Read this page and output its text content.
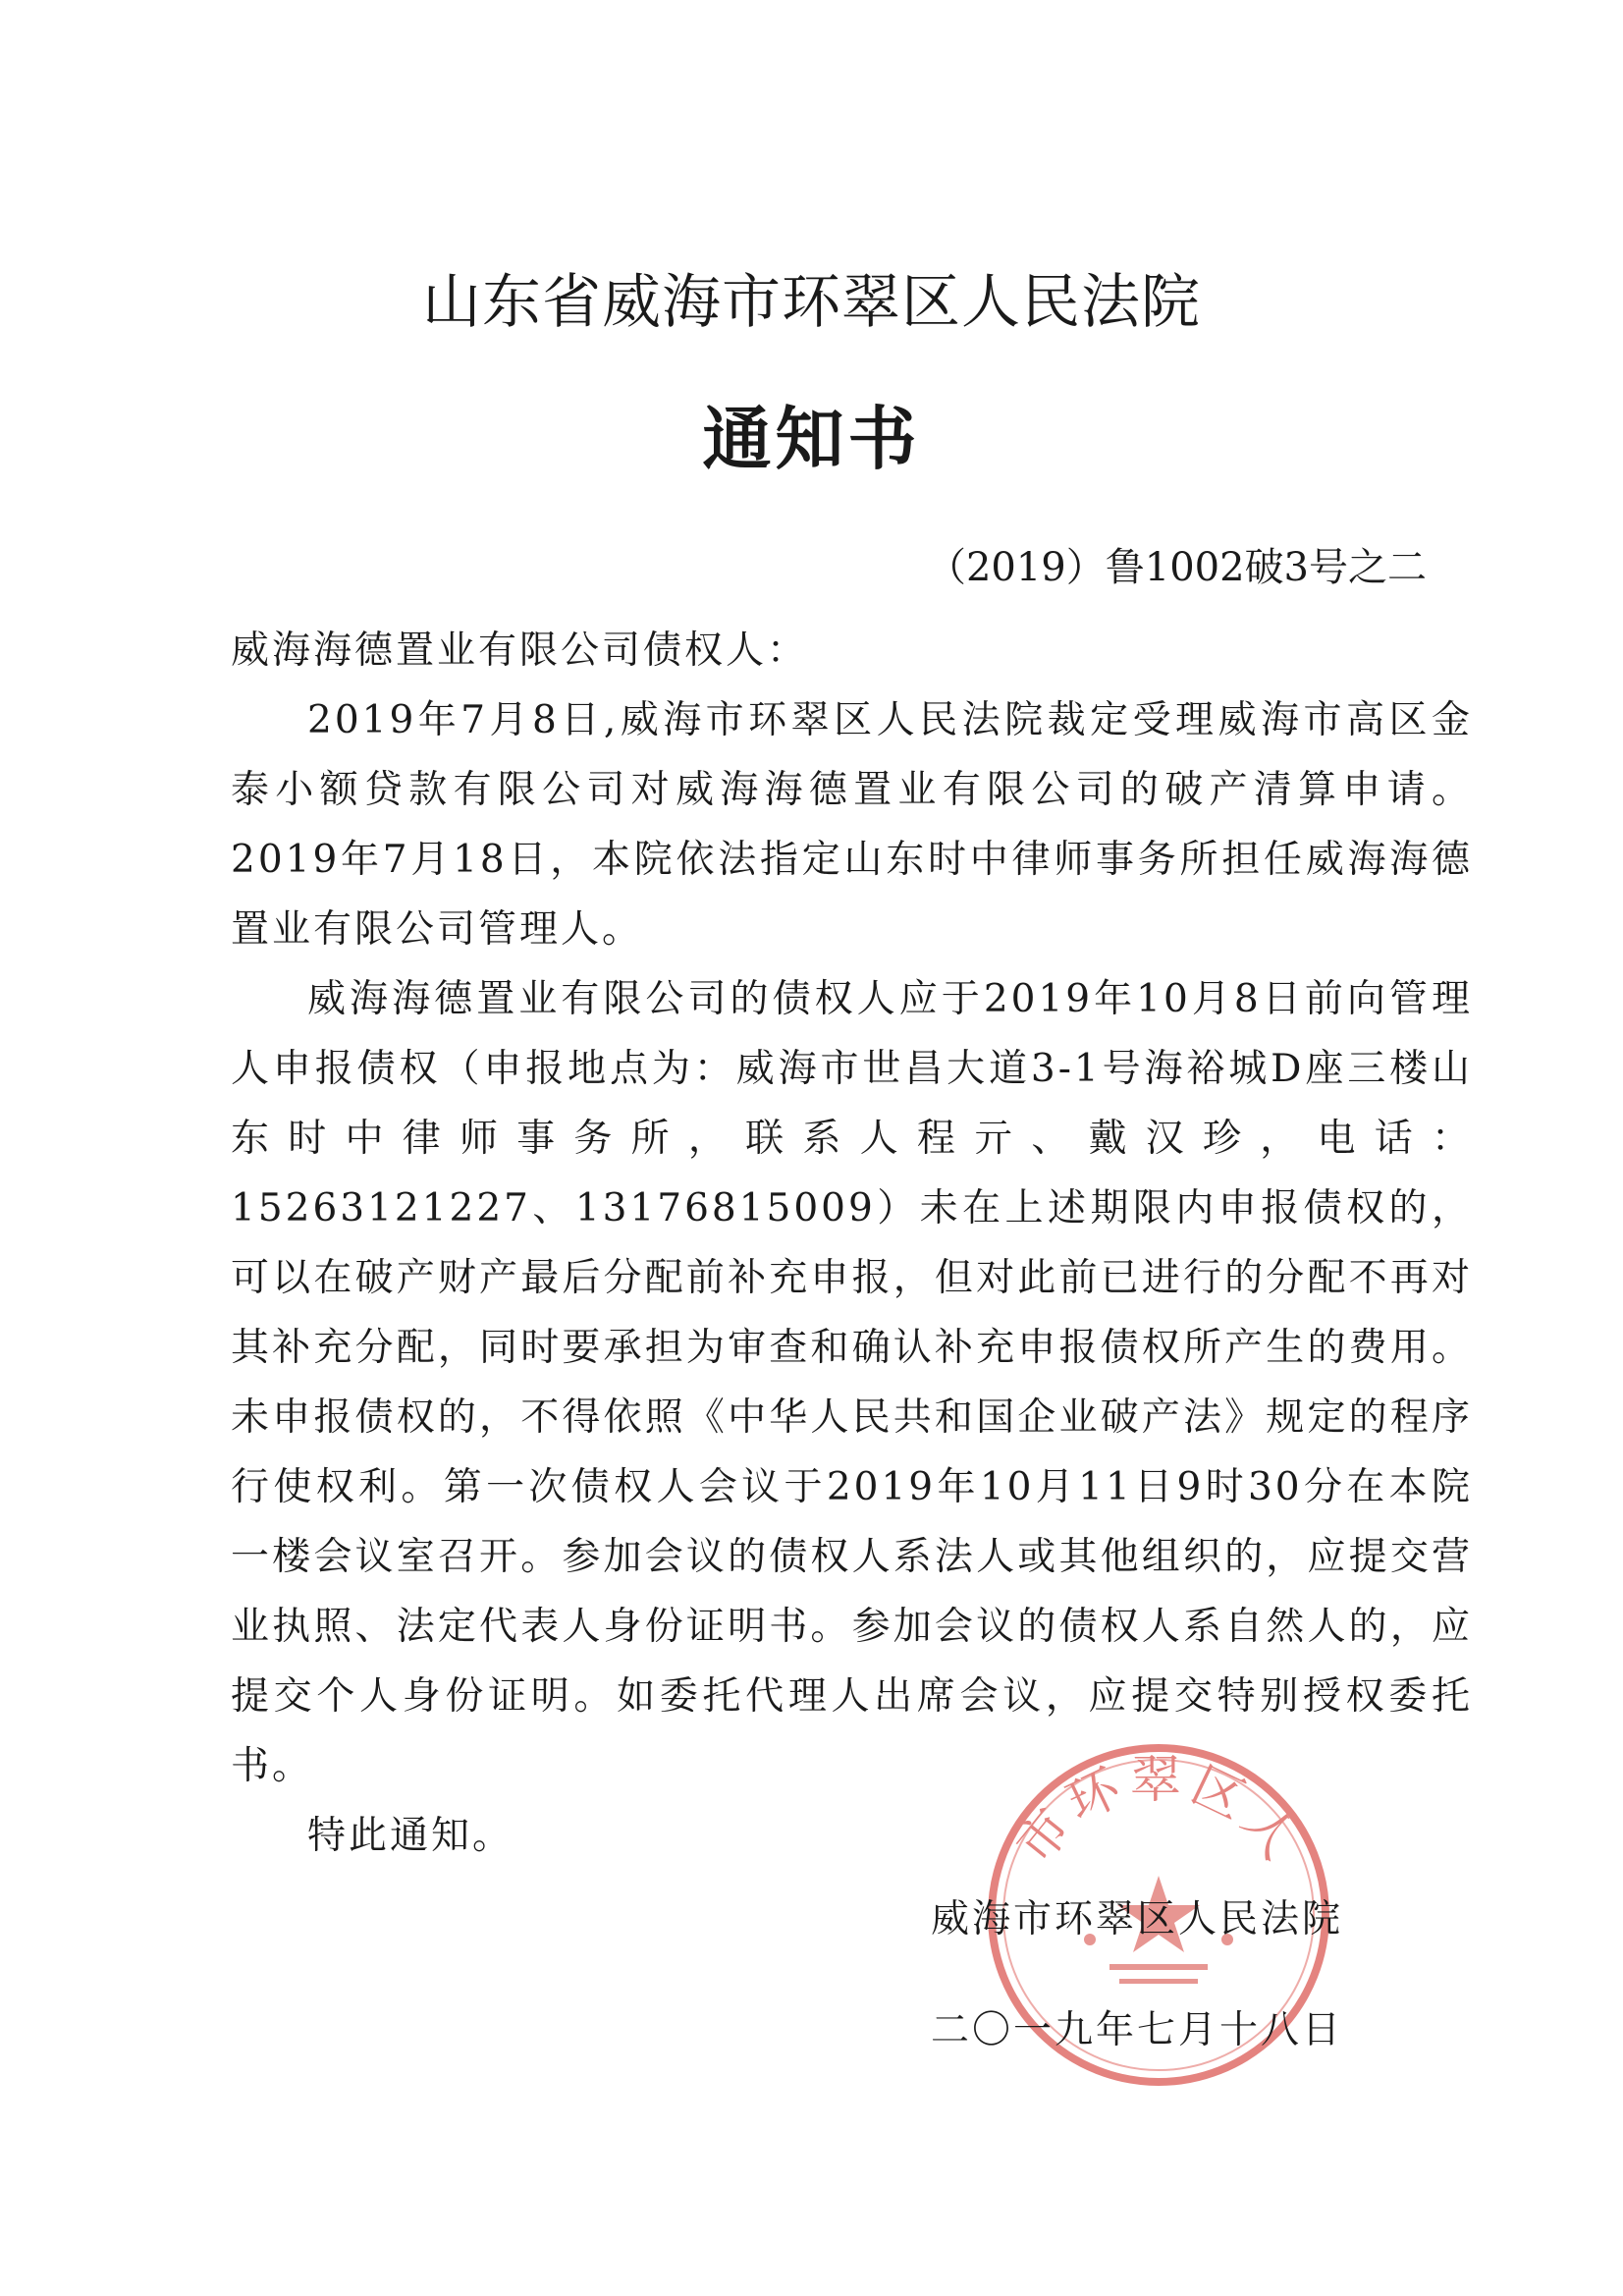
山东省威海市环翠区人民法院
通知书
（2019）鲁1002破3号之二

威海海德置业有限公司债权人：

2019年7月8日,威海市环翠区人民法院裁定受理威海市高区金泰小额贷款有限公司对威海海德置业有限公司的破产清算申请。2019年7月18日，本院依法指定山东时中律师事务所担任威海海德置业有限公司管理人。

威海海德置业有限公司的债权人应于2019年10月8日前向管理人申报债权（申报地点为：威海市世昌大道3-1号海裕城D座三楼山东时中律师事务所，联系人程亓、戴汉珍，电话：15263121227、13176815009）未在上述期限内申报债权的，可以在破产财产最后分配前补充申报，但对此前已进行的分配不再对其补充分配，同时要承担为审查和确认补充申报债权所产生的费用。未申报债权的，不得依照《中华人民共和国企业破产法》规定的程序行使权利。第一次债权人会议于2019年10月11日9时30分在本院一楼会议室召开。参加会议的债权人系法人或其他组织的，应提交营业执照、法定代表人身份证明书。参加会议的债权人系自然人的，应提交个人身份证明。如委托代理人出席会议，应提交特别授权委托书。

特此通知。	市环翠区人
威海市环翠区人民法院
二〇一九年七月十八日
